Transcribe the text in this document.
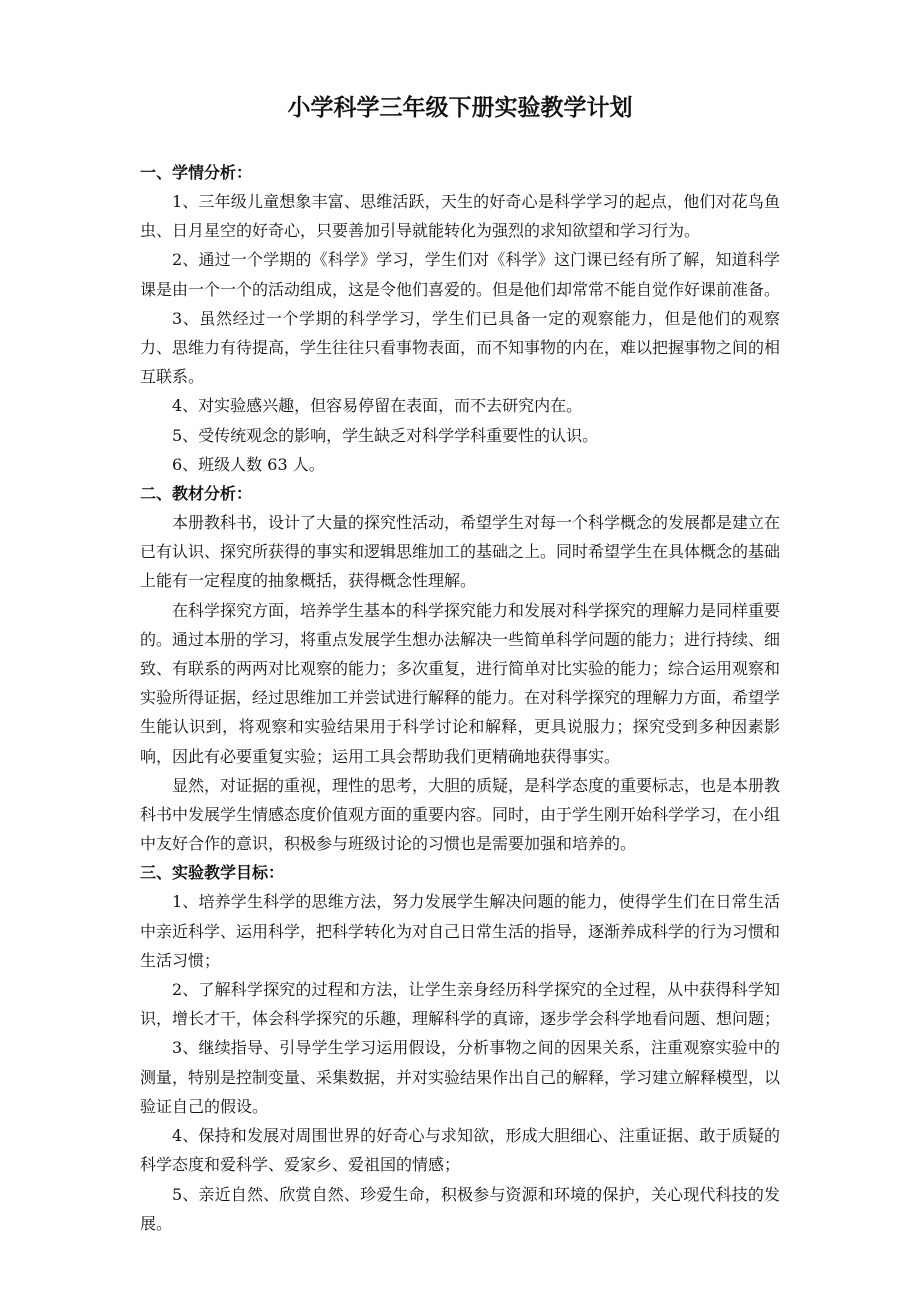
小学科学三年级下册实验教学计划

一、学情分析：

1、三年级儿童想象丰富、思维活跃，天生的好奇心是科学学习的起点，他们对花鸟鱼虫、日月星空的好奇心，只要善加引导就能转化为强烈的求知欲望和学习行为。

2、通过一个学期的《科学》学习，学生们对《科学》这门课已经有所了解，知道科学课是由一个一个的活动组成，这是令他们喜爱的。但是他们却常常不能自觉作好课前准备。

3、虽然经过一个学期的科学学习，学生们已具备一定的观察能力，但是他们的观察力、思维力有待提高，学生往往只看事物表面，而不知事物的内在，难以把握事物之间的相互联系。

4、对实验感兴趣，但容易停留在表面，而不去研究内在。

5、受传统观念的影响，学生缺乏对科学学科重要性的认识。

6、班级人数 63 人。

二、教材分析：

本册教科书，设计了大量的探究性活动，希望学生对每一个科学概念的发展都是建立在已有认识、探究所获得的事实和逻辑思维加工的基础之上。同时希望学生在具体概念的基础上能有一定程度的抽象概括，获得概念性理解。

在科学探究方面，培养学生基本的科学探究能力和发展对科学探究的理解力是同样重要的。通过本册的学习，将重点发展学生想办法解决一些简单科学问题的能力；进行持续、细致、有联系的两两对比观察的能力；多次重复，进行简单对比实验的能力；综合运用观察和实验所得证据，经过思维加工并尝试进行解释的能力。在对科学探究的理解力方面，希望学生能认识到，将观察和实验结果用于科学讨论和解释，更具说服力；探究受到多种因素影响，因此有必要重复实验；运用工具会帮助我们更精确地获得事实。

显然，对证据的重视，理性的思考，大胆的质疑，是科学态度的重要标志，也是本册教科书中发展学生情感态度价值观方面的重要内容。同时，由于学生刚开始科学学习，在小组中友好合作的意识，积极参与班级讨论的习惯也是需要加强和培养的。

三、实验教学目标：

1、培养学生科学的思维方法，努力发展学生解决问题的能力，使得学生们在日常生活中亲近科学、运用科学，把科学转化为对自己日常生活的指导，逐渐养成科学的行为习惯和生活习惯；

2、了解科学探究的过程和方法，让学生亲身经历科学探究的全过程，从中获得科学知识，增长才干，体会科学探究的乐趣，理解科学的真谛，逐步学会科学地看问题、想问题；

3、继续指导、引导学生学习运用假设，分析事物之间的因果关系，注重观察实验中的测量，特别是控制变量、采集数据，并对实验结果作出自己的解释，学习建立解释模型，以验证自己的假设。

4、保持和发展对周围世界的好奇心与求知欲，形成大胆细心、注重证据、敢于质疑的科学态度和爱科学、爱家乡、爱祖国的情感；

5、亲近自然、欣赏自然、珍爱生命，积极参与资源和环境的保护，关心现代科技的发展。
